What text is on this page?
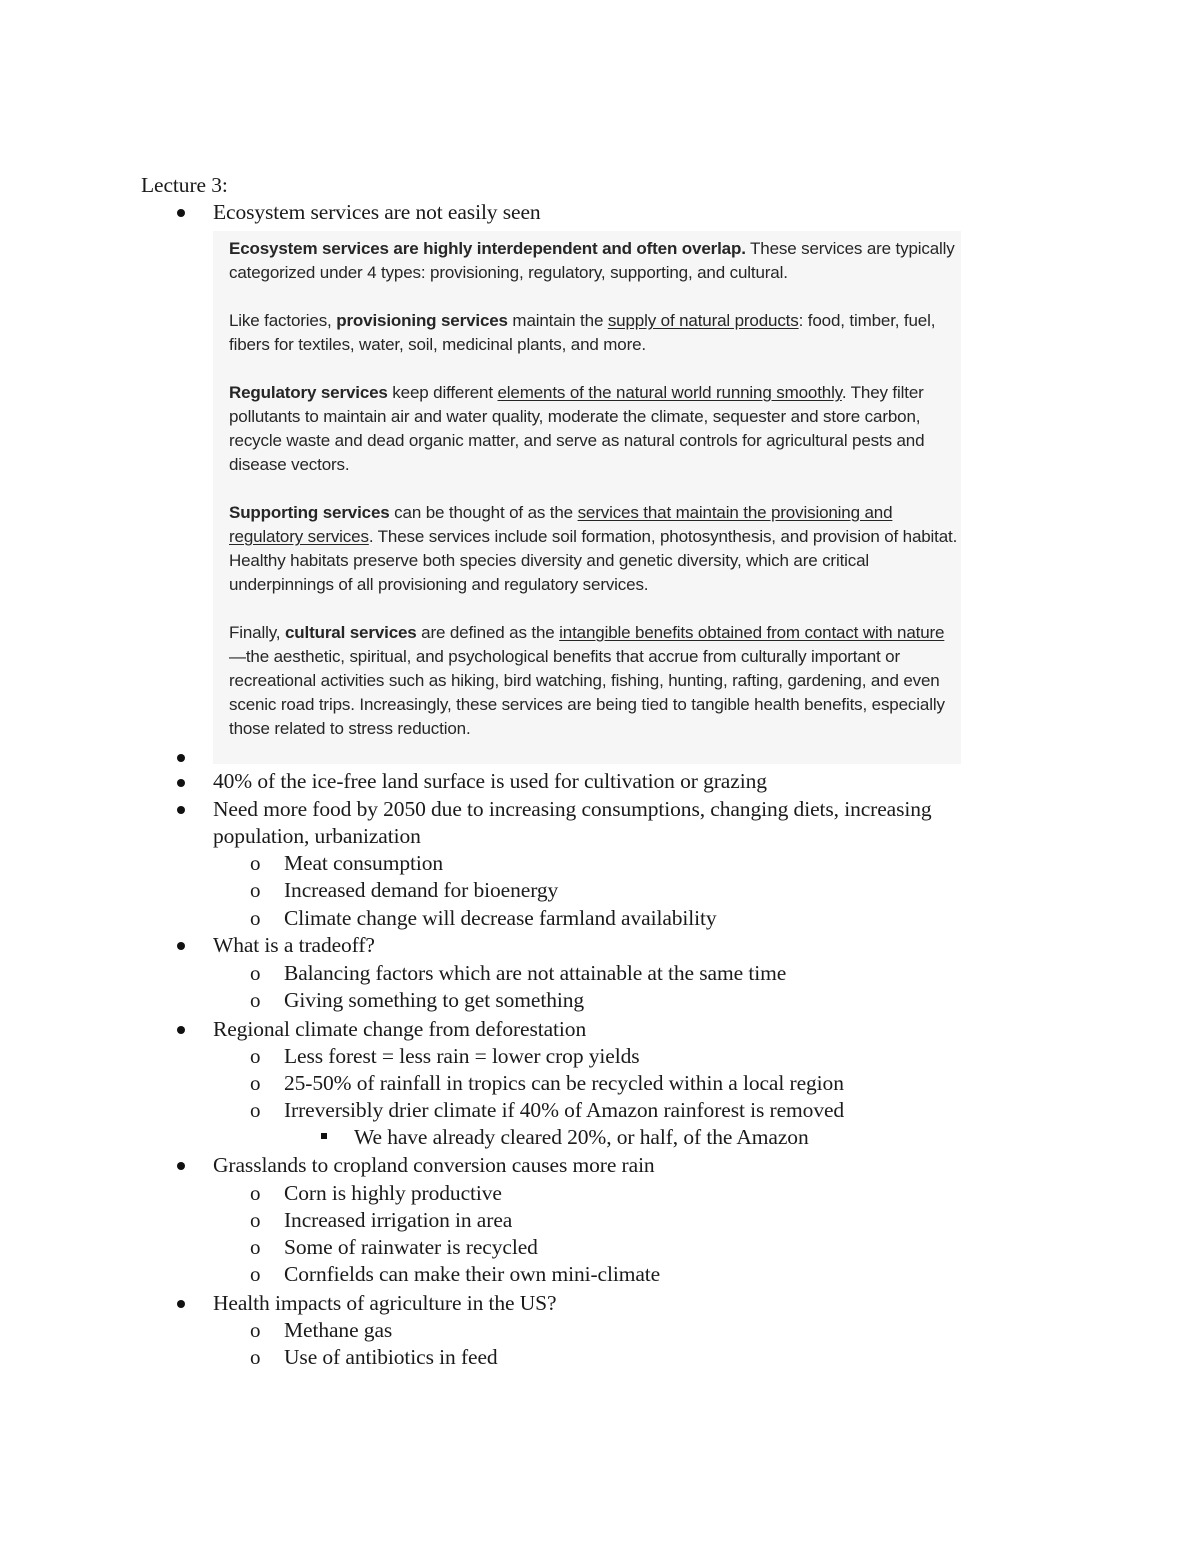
Lecture 3:
Ecosystem services are not easily seen

Ecosystem services are highly interdependent and often overlap. These services are typically categorized under 4 types: provisioning, regulatory, supporting, and cultural.

Like factories, provisioning services maintain the supply of natural products: food, timber, fuel, fibers for textiles, water, soil, medicinal plants, and more.

Regulatory services keep different elements of the natural world running smoothly. They filter pollutants to maintain air and water quality, moderate the climate, sequester and store carbon, recycle waste and dead organic matter, and serve as natural controls for agricultural pests and disease vectors.

Supporting services can be thought of as the services that maintain the provisioning and regulatory services. These services include soil formation, photosynthesis, and provision of habitat. Healthy habitats preserve both species diversity and genetic diversity, which are critical underpinnings of all provisioning and regulatory services.

Finally, cultural services are defined as the intangible benefits obtained from contact with nature—the aesthetic, spiritual, and psychological benefits that accrue from culturally important or recreational activities such as hiking, bird watching, fishing, hunting, rafting, gardening, and even scenic road trips. Increasingly, these services are being tied to tangible health benefits, especially those related to stress reduction.

40% of the ice-free land surface is used for cultivation or grazing
Need more food by 2050 due to increasing consumptions, changing diets, increasing
population, urbanization
o Meat consumption
o Increased demand for bioenergy
o Climate change will decrease farmland availability
What is a tradeoff?
o Balancing factors which are not attainable at the same time
o Giving something to get something
Regional climate change from deforestation
o Less forest = less rain = lower crop yields
o 25-50% of rainfall in tropics can be recycled within a local region
o Irreversibly drier climate if 40% of Amazon rainforest is removed
We have already cleared 20%, or half, of the Amazon
Grasslands to cropland conversion causes more rain
o Corn is highly productive
o Increased irrigation in area
o Some of rainwater is recycled
o Cornfields can make their own mini-climate
Health impacts of agriculture in the US?
o Methane gas
o Use of antibiotics in feed
